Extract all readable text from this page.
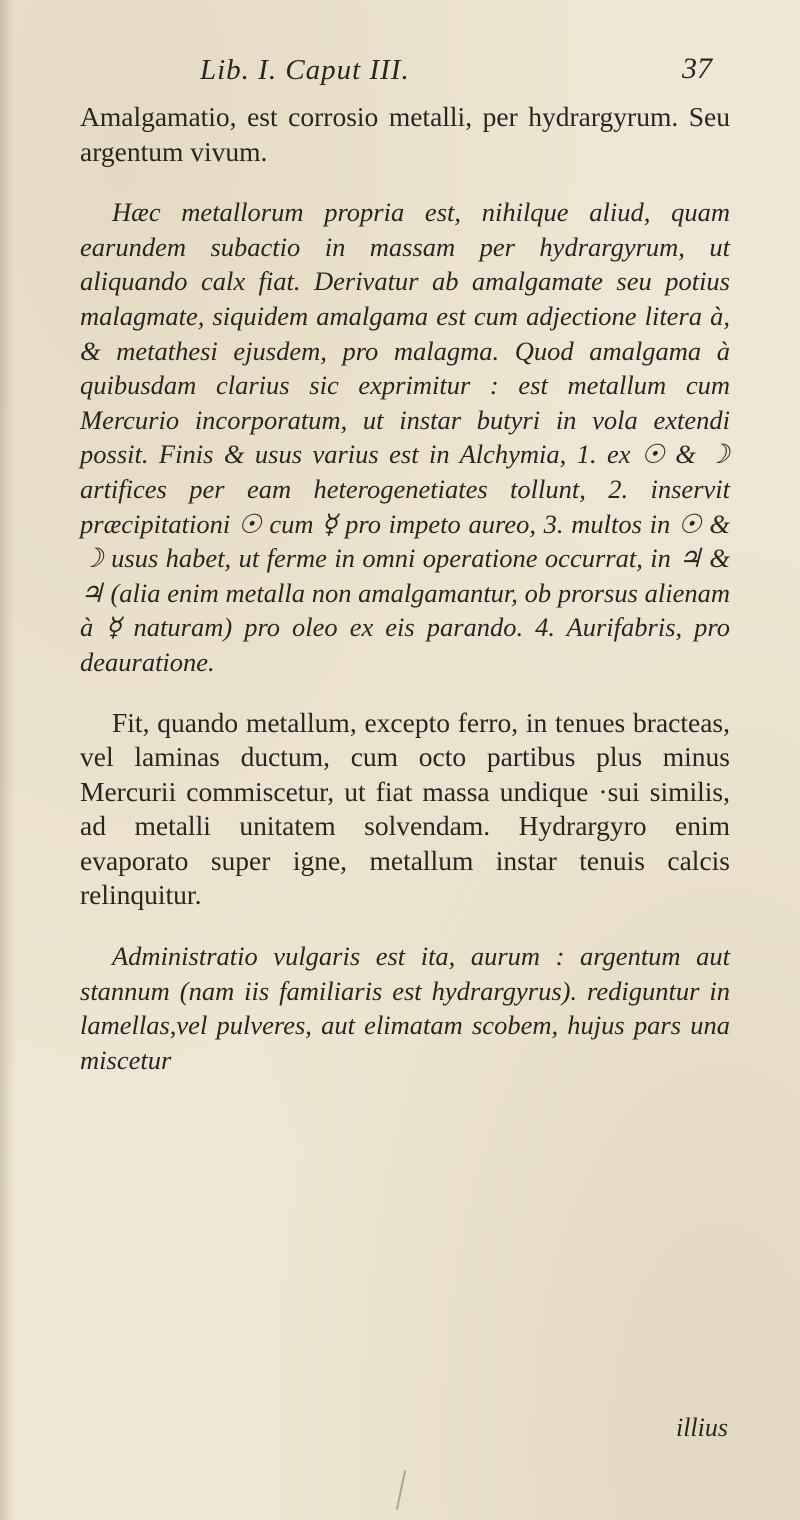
Lib. I. Caput III.	37

Amalgamatio, est corrosio metalli, per hydrargyrum. Seu argentum vivum.

Hæc metallorum propria est, nihilque aliud, quam earundem subactio in massam per hydrargyrum, ut aliquando calx fiat. Derivatur ab amalgamate seu potius malagmate, siquidem amalgama est cum adjectione litera à, & metathesi ejusdem, pro malagma. Quod amalgama à quibusdam clarius sic exprimitur : est metallum cum Mercurio incorporatum, ut instar butyri in vola extendi possit. Finis & usus varius est in Alchymia, 1. ex ☉ & ☽ artifices per eam heterogenetiates tollunt, 2. inservit præcipitationi ☉ cum ☿ pro impeto aureo, 3. multos in ☉ & ☽ usus habet, ut ferme in omni operatione occurrat, in ♃ & ♃ (alia enim metalla non amalgamantur, ob prorsus alienam à ☿ naturam) pro oleo ex eis parando. 4. Aurifabris, pro deauratione.

Fit, quando metallum, excepto ferro, in tenues bracteas, vel laminas ductum, cum octo partibus plus minus Mercurii commiscetur, ut fiat massa undique ·sui similis, ad metalli unitatem solvendam. Hydrargyro enim evaporato super igne, metallum instar tenuis calcis relinquitur.

Administratio vulgaris est ita, aurum : argentum aut stannum (nam iis familiaris est hydrargyrus). rediguntur in lamellas,vel pulveres, aut elimatam scobem, hujus pars una miscetur

illius
